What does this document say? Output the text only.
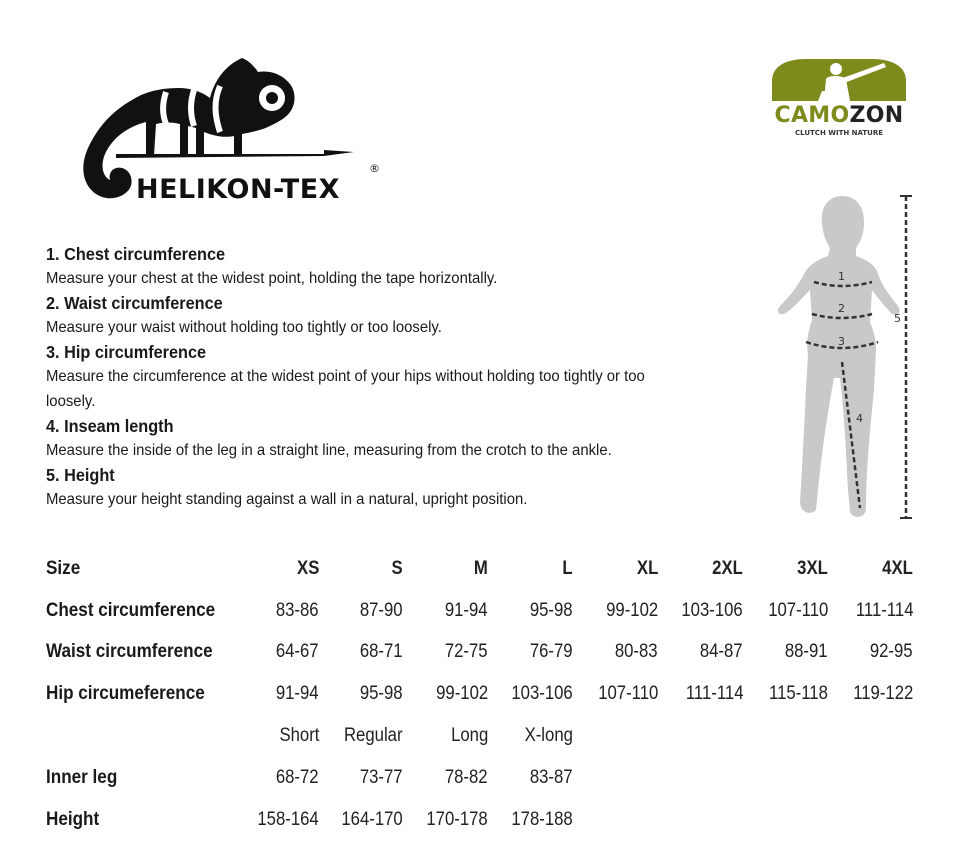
HELIKON-TEX
®
CAMOZON
CLUTCH WITH NATURE
1. Chest circumference
Measure your chest at the widest point, holding the tape horizontally.
2. Waist circumference
Measure your waist without holding too tightly or too loosely.
3. Hip circumference
Measure the circumference at the widest point of your hips without holding too tightly or too loosely.
4. Inseam length
Measure the inside of the leg in a straight line, measuring from the crotch to the ankle.
5. Height
Measure your height standing against a wall in a natural, upright position.
1
2
3
4
5
Size	XS	S	M	L	XL	2XL	3XL	4XL
Chest circumference	83-86	87-90	91-94	95-98	99-102	103-106	107-110	111-114
Waist circumference	64-67	68-71	72-75	76-79	80-83	84-87	88-91	92-95
Hip circumeference	91-94	95-98	99-102	103-106	107-110	111-114	115-118	119-122
	Short	Regular	Long	X-long				
Inner leg	68-72	73-77	78-82	83-87				
Height	158-164	164-170	170-178	178-188				
